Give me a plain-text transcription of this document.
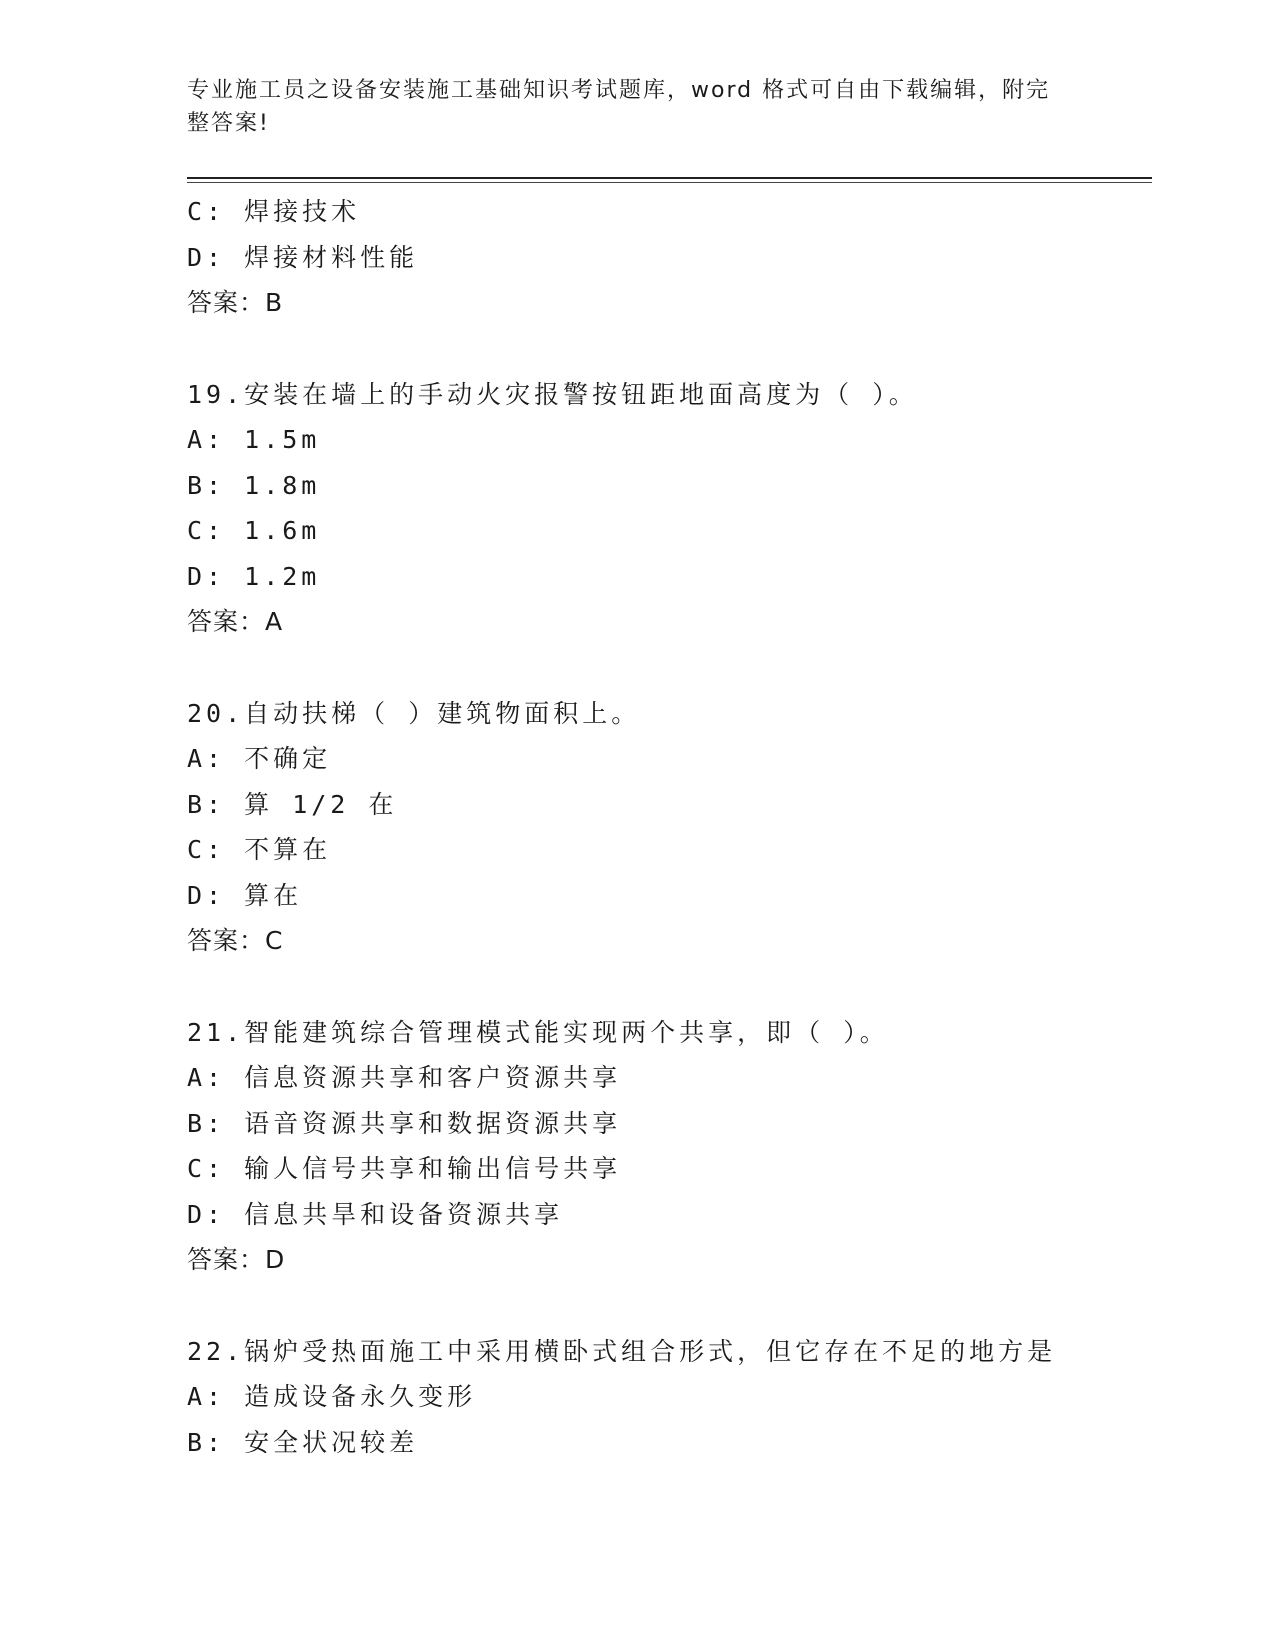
专业施工员之设备安装施工基础知识考试题库，word 格式可自由下载编辑，附完
整答案!
C: 焊接技术
D: 焊接材料性能
答案：B
19.安装在墙上的手动火灾报警按钮距地面高度为（ ）。
A: 1.5m
B: 1.8m
C: 1.6m
D: 1.2m
答案：A
20.自动扶梯（ ）建筑物面积上。
A: 不确定
B: 算 1/2 在
C: 不算在
D: 算在
答案：C
21.智能建筑综合管理模式能实现两个共享，即（ ）。
A: 信息资源共享和客户资源共享
B: 语音资源共享和数据资源共享
C: 输人信号共享和输出信号共享
D: 信息共旱和设备资源共享
答案：D
22.锅炉受热面施工中采用横卧式组合形式，但它存在不足的地方是
A: 造成设备永久变形
B: 安全状况较差
